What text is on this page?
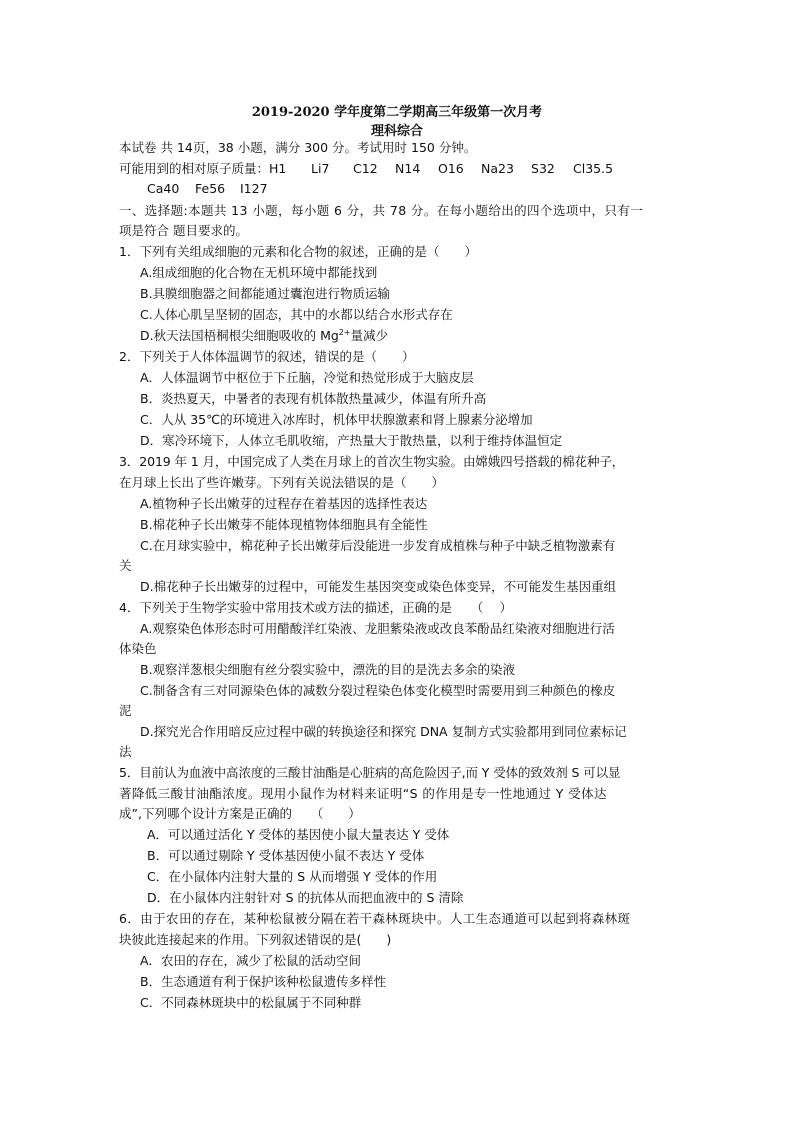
2019-2020 学年度第二学期高三年级第一次月考
理科综合
本试卷 共 14页，38 小题，满分 300 分。考试用时 150 分钟。
可能用到的相对原子质量：H1 Li7 C12 N14 O16 Na23 S32 Cl35.5
Ca40 Fe56 I127
一、选择题:本题共 13 小题，每小题 6 分，共 78 分。在每小题给出的四个选项中，只有一
项是符合 题目要求的。
1．下列有关组成细胞的元素和化合物的叙述，正确的是（　　）
A.组成细胞的化合物在无机环境中都能找到
B.具膜细胞器之间都能通过囊泡进行物质运输
C.人体心肌呈坚韧的固态，其中的水都以结合水形式存在
D.秋天法国梧桐根尖细胞吸收的 $Mg^{2+}$量减少
2．下列关于人体体温调节的叙述，错误的是（　　）
A．人体温调节中枢位于下丘脑，冷觉和热觉形成于大脑皮层
B．炎热夏天，中暑者的表现有机体散热量减少，体温有所升高
C．人从 35℃的环境进入冰库时，机体甲状腺激素和肾上腺素分泌增加
D．寒冷环境下，人体立毛肌收缩，产热量大于散热量，以利于维持体温恒定
3．2019 年 1 月，中国完成了人类在月球上的首次生物实验。由嫦娥四号搭载的棉花种子，
在月球上长出了些许嫩芽。下列有关说法错误的是（　　）
A.植物种子长出嫩芽的过程存在着基因的选择性表达
B.棉花种子长出嫩芽不能体现植物体细胞具有全能性
C.在月球实验中，棉花种子长出嫩芽后没能进一步发育成植株与种子中缺乏植物激素有
关
D.棉花种子长出嫩芽的过程中，可能发生基因突变或染色体变异，不可能发生基因重组
4．下列关于生物学实验中常用技术或方法的描述，正确的是　　（　 ）
A.观察染色体形态时可用醋酸洋红染液、龙胆紫染液或改良苯酚品红染液对细胞进行活
体染色
B.观察洋葱根尖细胞有丝分裂实验中，漂洗的目的是洗去多余的染液
C.制备含有三对同源染色体的减数分裂过程染色体变化模型时需要用到三种颜色的橡皮
泥
D.探究光合作用暗反应过程中碳的转换途径和探究 DNA 复制方式实验都用到同位素标记
法
5．目前认为血液中高浓度的三酸甘油酯是心脏病的高危险因子,而 Y 受体的致效剂 S 可以显
著降低三酸甘油酯浓度。现用小鼠作为材料来证明“S 的作用是专一性地通过 Y 受体达
成”,下列哪个设计方案是正确的　　（　　）
A．可以通过活化 Y 受体的基因使小鼠大量表达 Y 受体
B．可以通过剔除 Y 受体基因使小鼠不表达 Y 受体
C．在小鼠体内注射大量的 S 从而增强 Y 受体的作用
D．在小鼠体内注射针对 S 的抗体从而把血液中的 S 清除
6．由于农田的存在，某种松鼠被分隔在若干森林斑块中。人工生态通道可以起到将森林斑
块彼此连接起来的作用。下列叙述错误的是(　　)
A．农田的存在，减少了松鼠的活动空间
B．生态通道有利于保护该种松鼠遗传多样性
C．不同森林斑块中的松鼠属于不同种群
